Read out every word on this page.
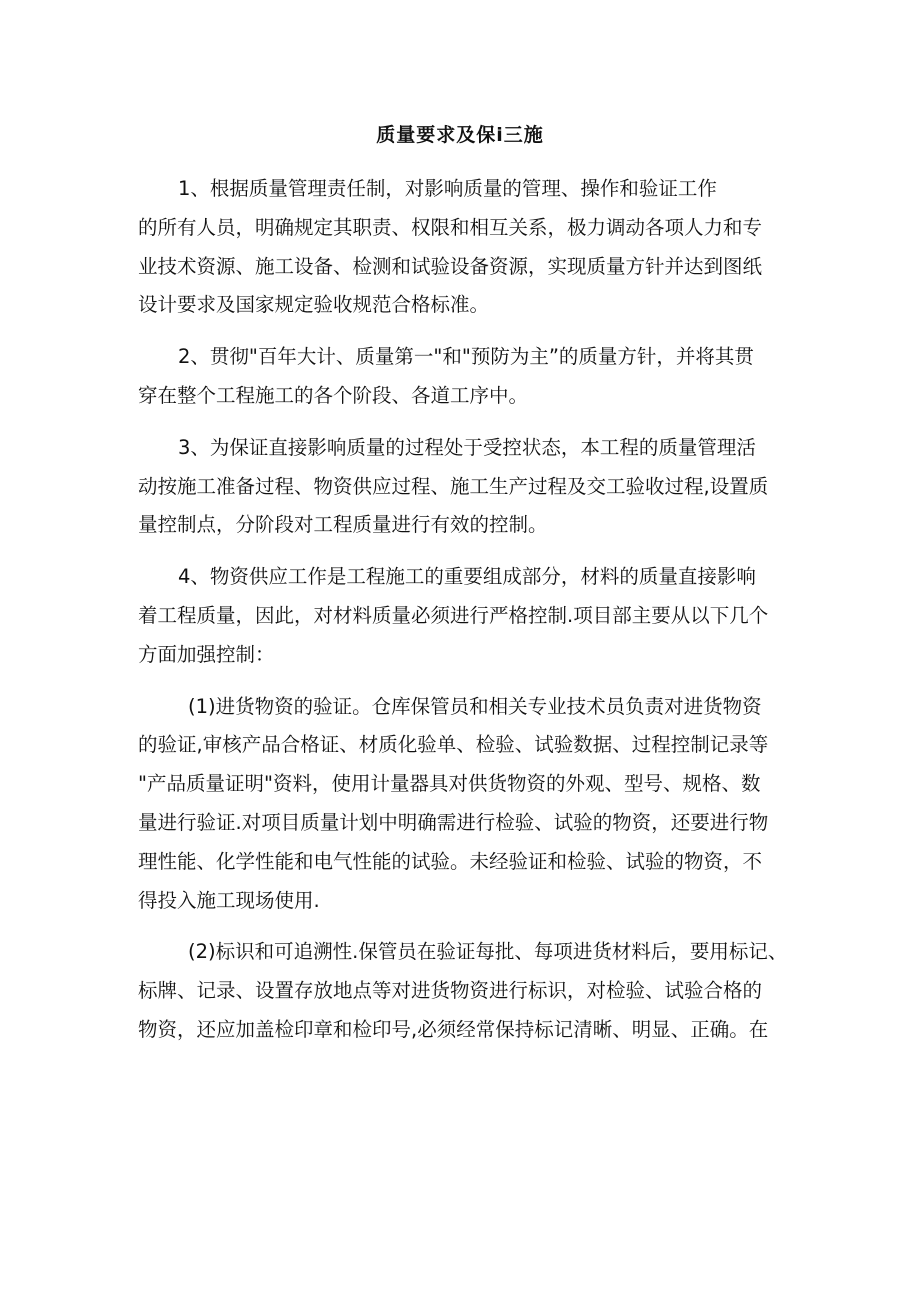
质量要求及保i三施

1、根据质量管理责任制，对影响质量的管理、操作和验证工作
的所有人员，明确规定其职责、权限和相互关系，极力调动各项人力和专
业技术资源、施工设备、检测和试验设备资源，实现质量方针并达到图纸
设计要求及国家规定验收规范合格标准。

2、贯彻"百年大计、质量第一"和"预防为主”的质量方针，并将其贯
穿在整个工程施工的各个阶段、各道工序中。

3、为保证直接影响质量的过程处于受控状态，本工程的质量管理活
动按施工准备过程、物资供应过程、施工生产过程及交工验收过程,设置质
量控制点，分阶段对工程质量进行有效的控制。

4、物资供应工作是工程施工的重要组成部分，材料的质量直接影响
着工程质量，因此，对材料质量必须进行严格控制.项目部主要从以下几个
方面加强控制：

(1)进货物资的验证。仓库保管员和相关专业技术员负责对进货物资
的验证,审核产品合格证、材质化验单、检验、试验数据、过程控制记录等
"产品质量证明"资料，使用计量器具对供货物资的外观、型号、规格、数
量进行验证.对项目质量计划中明确需进行检验、试验的物资，还要进行物
理性能、化学性能和电气性能的试验。未经验证和检验、试验的物资，不
得投入施工现场使用.

(2)标识和可追溯性.保管员在验证每批、每项进货材料后，要用标记、
标牌、记录、设置存放地点等对进货物资进行标识，对检验、试验合格的
物资，还应加盖检印章和检印号,必须经常保持标记清晰、明显、正确。在
